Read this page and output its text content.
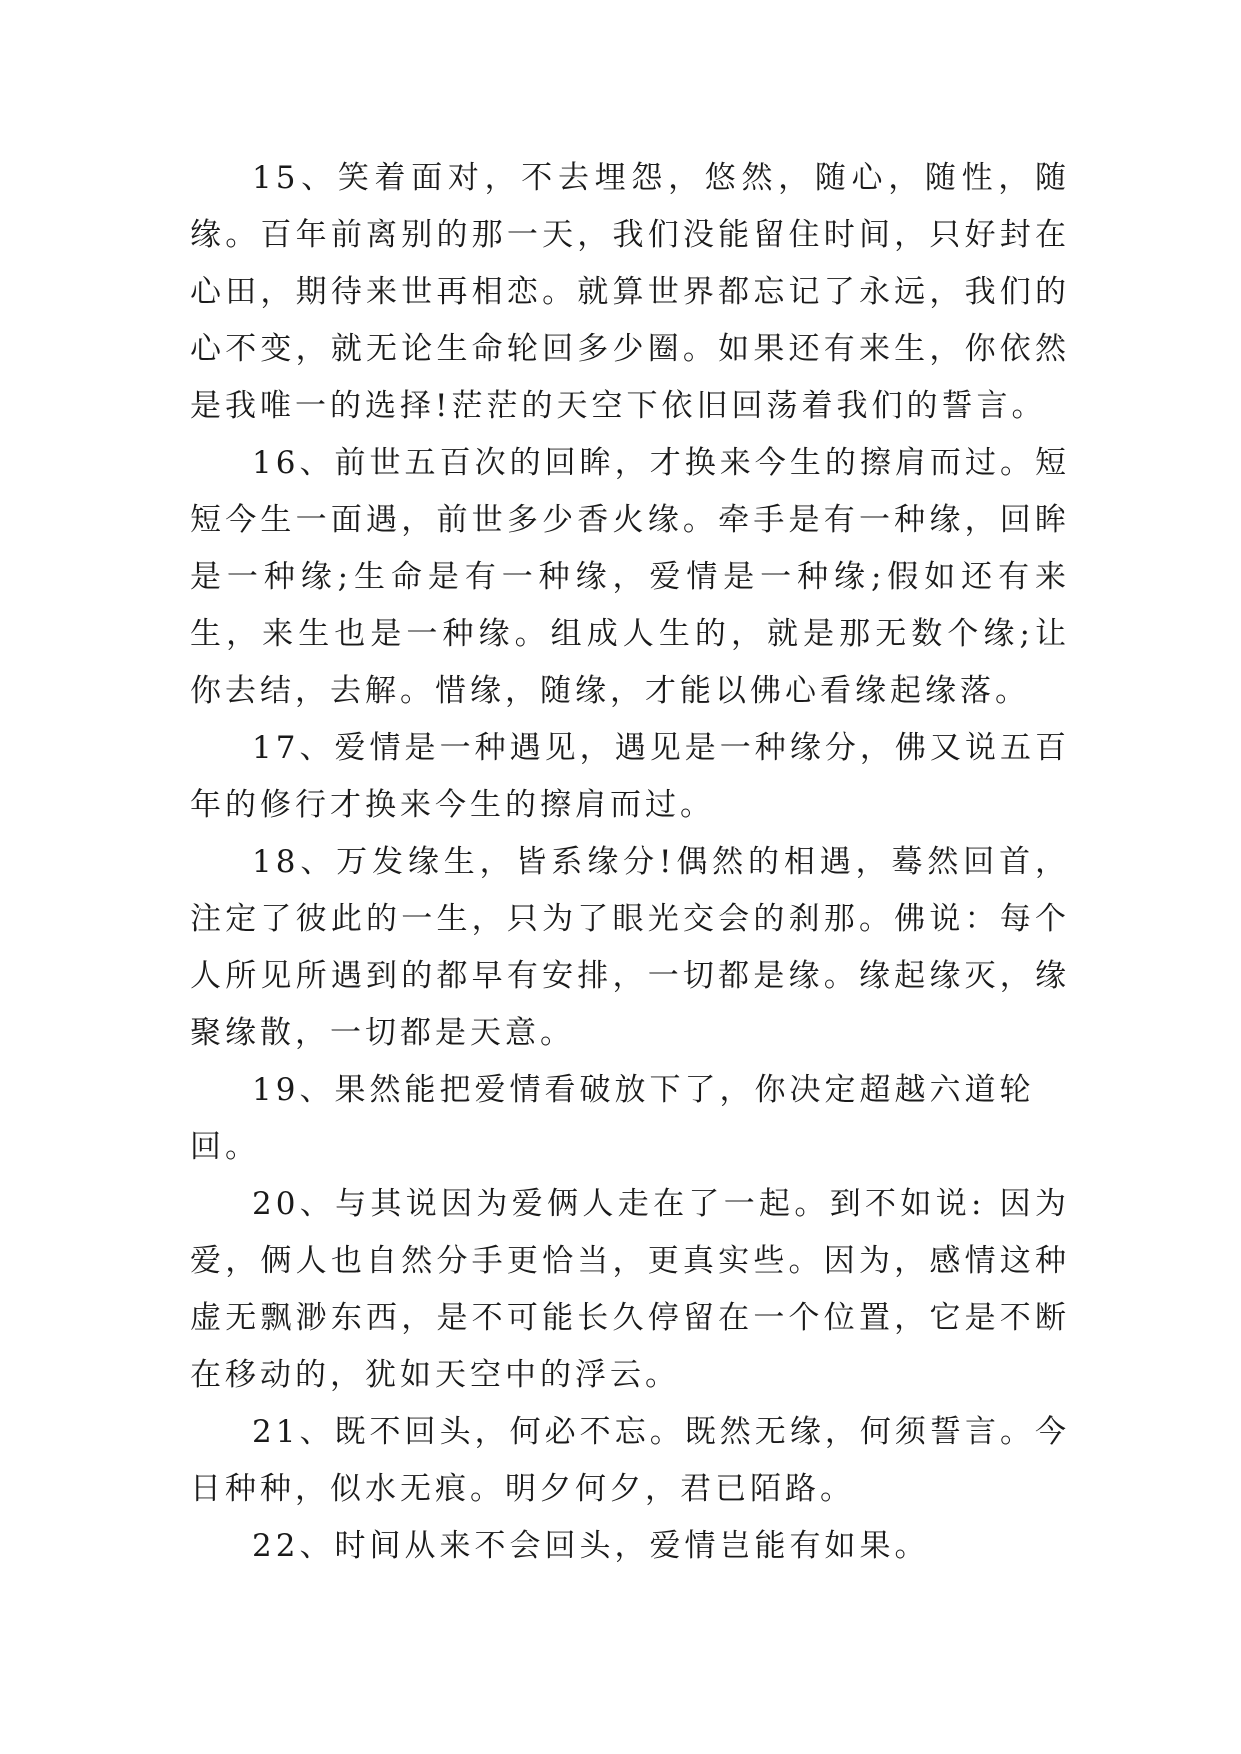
15、笑着面对，不去埋怨，悠然，随心，随性，随缘。百年前离别的那一天，我们没能留住时间，只好封在心田，期待来世再相恋。就算世界都忘记了永远，我们的心不变，就无论生命轮回多少圈。如果还有来生，你依然是我唯一的选择!茫茫的天空下依旧回荡着我们的誓言。

16、前世五百次的回眸，才换来今生的擦肩而过。短短今生一面遇，前世多少香火缘。牵手是有一种缘，回眸是一种缘;生命是有一种缘，爱情是一种缘;假如还有来生，来生也是一种缘。组成人生的，就是那无数个缘;让你去结，去解。惜缘，随缘，才能以佛心看缘起缘落。

17、爱情是一种遇见，遇见是一种缘分，佛又说五百年的修行才换来今生的擦肩而过。

18、万发缘生，皆系缘分!偶然的相遇，蓦然回首，注定了彼此的一生，只为了眼光交会的刹那。佛说：每个人所见所遇到的都早有安排，一切都是缘。缘起缘灭，缘聚缘散，一切都是天意。

19、果然能把爱情看破放下了，你决定超越六道轮回。

20、与其说因为爱俩人走在了一起。到不如说: 因为爱，俩人也自然分手更恰当，更真实些。因为，感情这种虚无飘渺东西，是不可能长久停留在一个位置，它是不断在移动的，犹如天空中的浮云。

21、既不回头，何必不忘。既然无缘，何须誓言。今日种种，似水无痕。明夕何夕，君已陌路。

22、时间从来不会回头，爱情岂能有如果。
